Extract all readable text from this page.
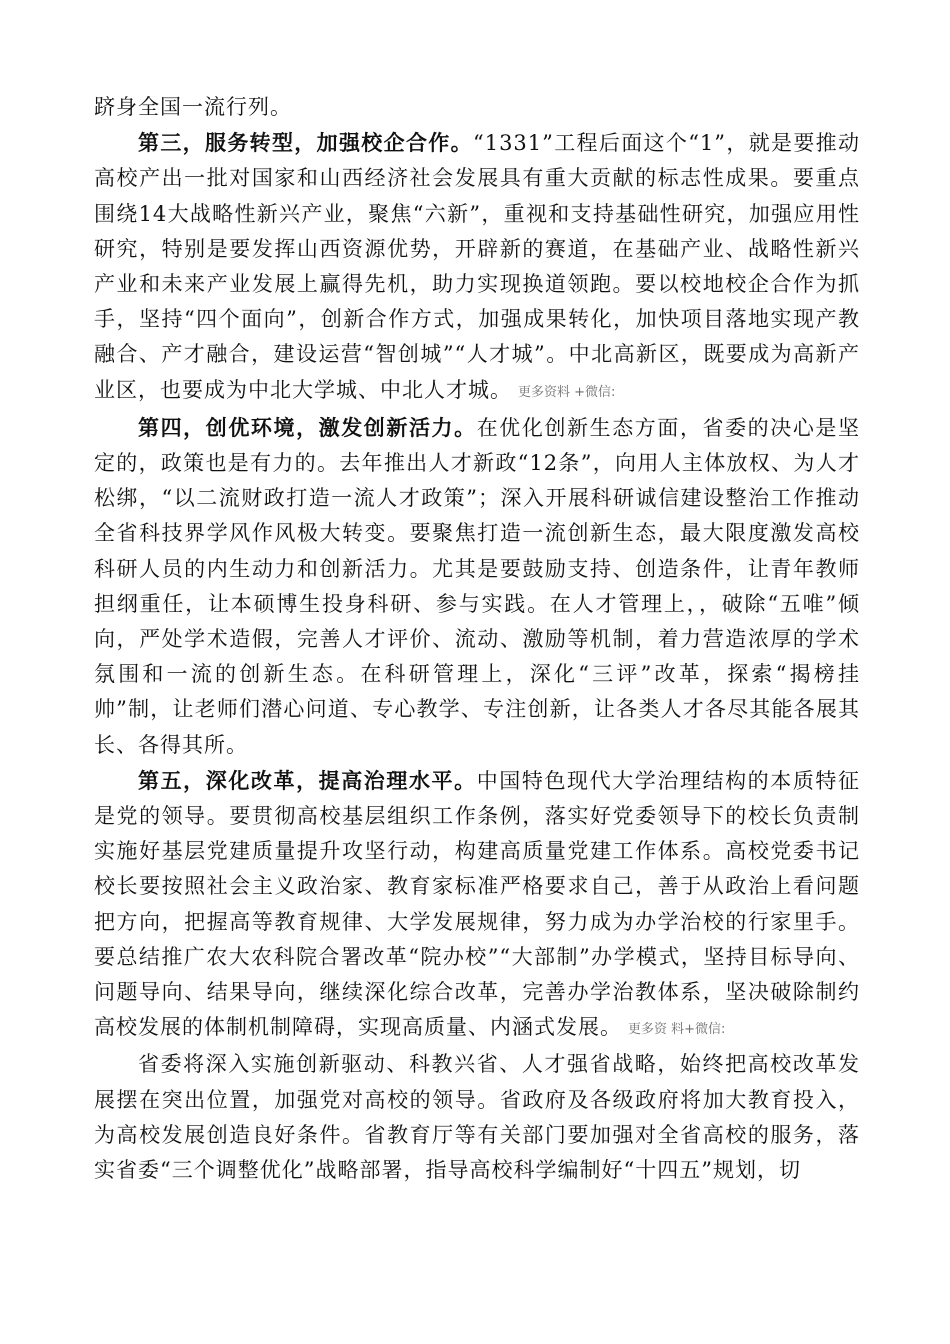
跻身全国一流行列。

第三，服务转型，加强校企合作。“1331”工程后面这个“1”，就是要推动高校产出一批对国家和山西经济社会发展具有重大贡献的标志性成果。要重点围绕14大战略性新兴产业，聚焦“六新”，重视和支持基础性研究，加强应用性研究，特别是要发挥山西资源优势，开辟新的赛道，在基础产业、战略性新兴产业和未来产业发展上赢得先机，助力实现换道领跑。要以校地校企合作为抓手，坚持“四个面向”，创新合作方式，加强成果转化，加快项目落地实现产教融合、产才融合，建设运营“智创城”“人才城”。中北高新区，既要成为高新产业区，也要成为中北大学城、中北人才城。 更多资料 +微信:

第四，创优环境，激发创新活力。在优化创新生态方面，省委的决心是坚定的，政策也是有力的。去年推出人才新政“12条”，向用人主体放权、为人才松绑，“以二流财政打造一流人才政策”；深入开展科研诚信建设整治工作推动全省科技界学风作风极大转变。要聚焦打造一流创新生态，最大限度激发高校科研人员的内生动力和创新活力。尤其是要鼓励支持、创造条件，让青年教师担纲重任，让本硕博生投身科研、参与实践。在人才管理上，，破除“五唯”倾向，严处学术造假，完善人才评价、流动、激励等机制，着力营造浓厚的学术氛围和一流的创新生态。在科研管理上，深化“三评”改革，探索“揭榜挂帅”制，让老师们潜心问道、专心教学、专注创新，让各类人才各尽其能各展其长、各得其所。

第五，深化改革，提高治理水平。中国特色现代大学治理结构的本质特征是党的领导。要贯彻高校基层组织工作条例，落实好党委领导下的校长负责制实施好基层党建质量提升攻坚行动，构建高质量党建工作体系。高校党委书记校长要按照社会主义政治家、教育家标准严格要求自己，善于从政治上看问题把方向，把握高等教育规律、大学发展规律，努力成为办学治校的行家里手。要总结推广农大农科院合署改革“院办校”“大部制”办学模式，坚持目标导向、问题导向、结果导向，继续深化综合改革，完善办学治教体系，坚决破除制约高校发展的体制机制障碍，实现高质量、内涵式发展。 更多资 料+微信:

省委将深入实施创新驱动、科教兴省、人才强省战略，始终把高校改革发展摆在突出位置，加强党对高校的领导。省政府及各级政府将加大教育投入，为高校发展创造良好条件。省教育厅等有关部门要加强对全省高校的服务，落实省委“三个调整优化”战略部署，指导高校科学编制好“十四五”规划，切
